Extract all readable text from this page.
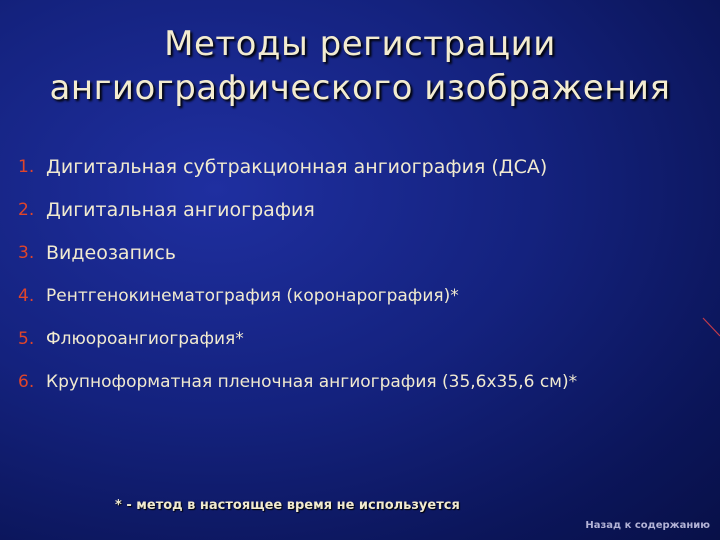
Методы регистрации
ангиографического изображения
1. Дигитальная субтракционная ангиография (ДСА)
2. Дигитальная ангиография
3. Видеозапись
4. Рентгенокинематография (коронарография)*
5. Флюороангиография*
6. Крупноформатная пленочная ангиография (35,6х35,6 см)*
* - метод в настоящее время не используется
Назад к содержанию
